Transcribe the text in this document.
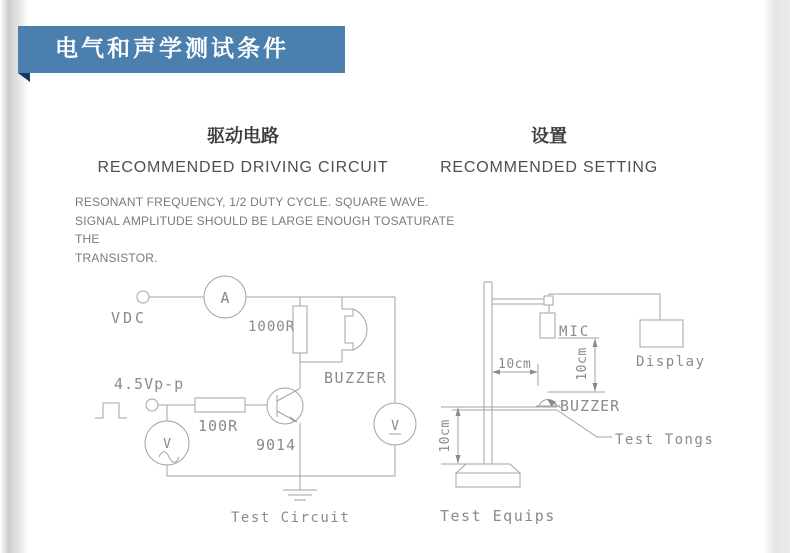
电气和声学测试条件
驱动电路
RECOMMENDED DRIVING CIRCUIT
设置
RECOMMENDED SETTING
RESONANT FREQUENCY, 1/2 DUTY CYCLE. SQUARE WAVE.
SIGNAL AMPLITUDE SHOULD BE LARGE ENOUGH TOSATURATE THE
TRANSISTOR.
VDC
A
1000R
BUZZER
4.5Vp-p
100R
9014
V
V
Test Circuit
MIC
Display
10cm	10cm
10cm
BUZZER
Test Tongs
Test Equips
